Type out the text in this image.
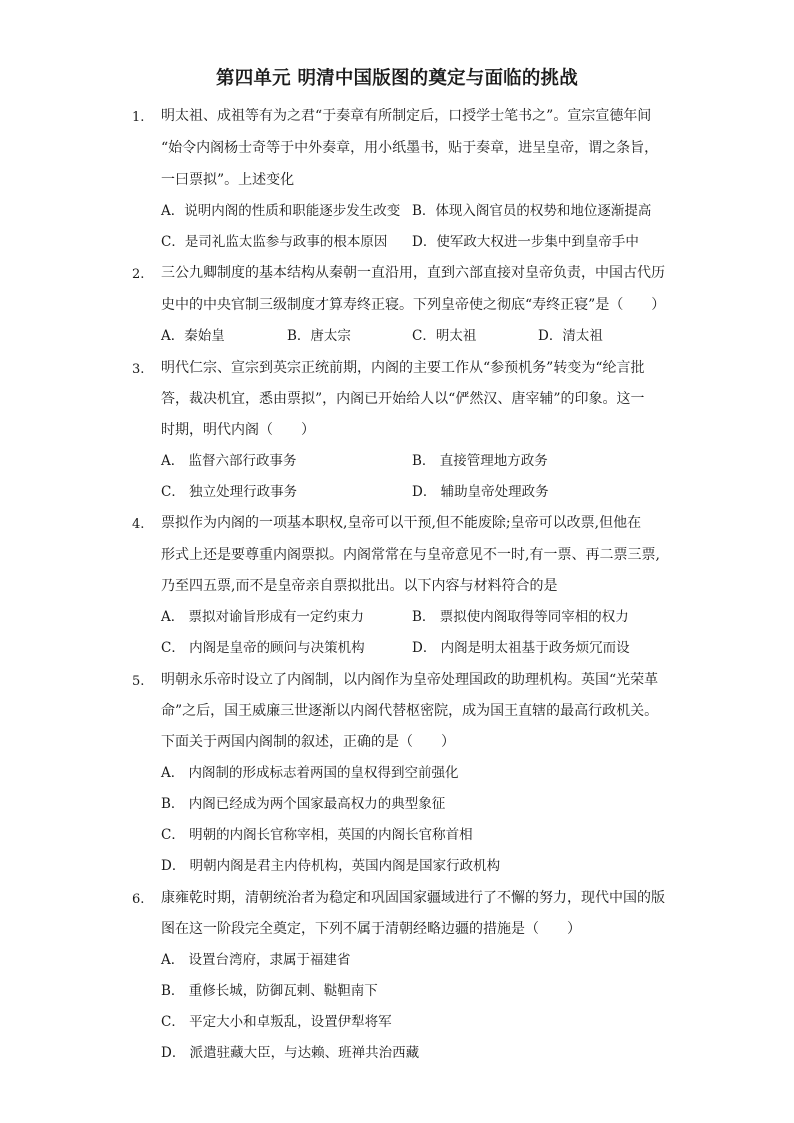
第四单元 明清中国版图的奠定与面临的挑战
1. 明太祖、成祖等有为之君“于奏章有所制定后，口授学士笔书之”。宣宗宣德年间
“始令内阁杨士奇等于中外奏章，用小纸墨书，贴于奏章，进呈皇帝，谓之条旨，
一曰票拟”。上述变化
A．说明内阁的性质和职能逐步发生改变 B．体现入阁官员的权势和地位逐渐提高
C．是司礼监太监参与政事的根本原因 D．使军政大权进一步集中到皇帝手中
2. 三公九卿制度的基本结构从秦朝一直沿用，直到六部直接对皇帝负责，中国古代历
史中的中央官制三级制度才算寿终正寝。下列皇帝使之彻底“寿终正寝”是（　　）
A．秦始皇	B．唐太宗	C．明太祖	D．清太祖
3. 明代仁宗、宣宗到英宗正统前期，内阁的主要工作从“参预机务”转变为“纶言批
答，裁决机宜，悉由票拟”，内阁已开始给人以“俨然汉、唐宰辅”的印象。这一
时期，明代内阁（　　）
A． 监督六部行政事务	B． 直接管理地方政务
C． 独立处理行政事务	D． 辅助皇帝处理政务
4. 票拟作为内阁的一项基本职权,皇帝可以干预,但不能废除;皇帝可以改票,但他在
形式上还是要尊重内阁票拟。内阁常常在与皇帝意见不一时,有一票、再二票三票,
乃至四五票,而不是皇帝亲自票拟批出。以下内容与材料符合的是
A． 票拟对谕旨形成有一定约束力	B． 票拟使内阁取得等同宰相的权力
C． 内阁是皇帝的顾问与决策机构	D． 内阁是明太祖基于政务烦冗而设
5. 明朝永乐帝时设立了内阁制，以内阁作为皇帝处理国政的助理机构。英国“光荣革
命”之后，国王威廉三世逐渐以内阁代替枢密院，成为国王直辖的最高行政机关。
下面关于两国内阁制的叙述，正确的是（　　）
A． 内阁制的形成标志着两国的皇权得到空前强化
B． 内阁已经成为两个国家最高权力的典型象征
C． 明朝的内阁长官称宰相，英国的内阁长官称首相
D． 明朝内阁是君主内侍机构，英国内阁是国家行政机构
6. 康雍乾时期，清朝统治者为稳定和巩固国家疆域进行了不懈的努力，现代中国的版
图在这一阶段完全奠定，下列不属于清朝经略边疆的措施是（　　）
A． 设置台湾府，隶属于福建省
B． 重修长城，防御瓦剌、鞑靼南下
C． 平定大小和卓叛乱，设置伊犁将军
D． 派遣驻藏大臣，与达赖、班禅共治西藏
